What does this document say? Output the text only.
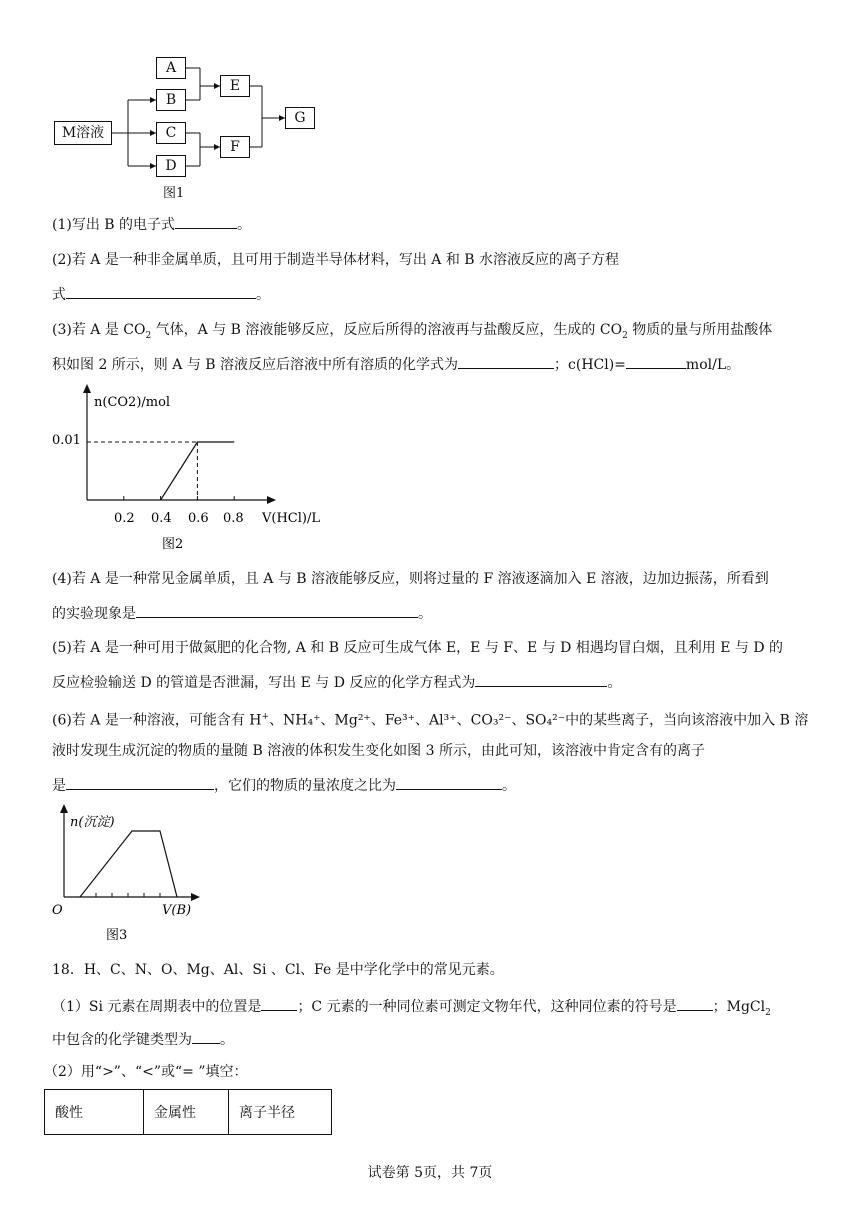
M溶液
A
B
C
D
E
F
G
图1
(1)写出 B 的电子式	。
(2)若 A 是一种非金属单质，且可用于制造半导体材料，写出 A 和 B 水溶液反应的离子方程
式	。
(3)若 A 是 $CO_2$ 气体，A 与 B 溶液能够反应，反应后所得的溶液再与盐酸反应，生成的 $CO_2$ 物质的量与所用盐酸体
积如图 2 所示，则 A 与 B 溶液反应后溶液中所有溶质的化学式为	；c(HCl)=	mol/L。
n(CO2)/mol
0.01
0.2 0.4 0.6 0.8 V(HCl)/L
图2
(4)若 A 是一种常见金属单质，且 A 与 B 溶液能够反应，则将过量的 F 溶液逐滴加入 E 溶液，边加边振荡，所看到
的实验现象是	。
(5)若 A 是一种可用于做氮肥的化合物, A 和 B 反应可生成气体 E，E 与 F、E 与 D 相遇均冒白烟，且利用 E 与 D 的
反应检验输送 D 的管道是否泄漏，写出 E 与 D 反应的化学方程式为	。
(6)若 A 是一种溶液，可能含有 H+、NH₄⁺、Mg²⁺、Fe³⁺、Al³⁺、CO₃²⁻、SO₄²⁻中的某些离子，当向该溶液中加入 B 溶
液时发现生成沉淀的物质的量随 B 溶液的体积发生变化如图 3 所示，由此可知，该溶液中肯定含有的离子
是	，它们的物质的量浓度之比为	。
n(沉淀)
O	V(B)
图3
18．H、C、N、O、Mg、Al、Si 、Cl、Fe 是中学化学中的常见元素。
（1）Si 元素在周期表中的位置是	；C 元素的一种同位素可测定文物年代，这种同位素的符号是	；MgCl$_2$
中包含的化学键类型为 。
（2）用“>”、“<”或“= ”填空：
酸性	金属性	离子半径
试卷第 5页，共 7页
